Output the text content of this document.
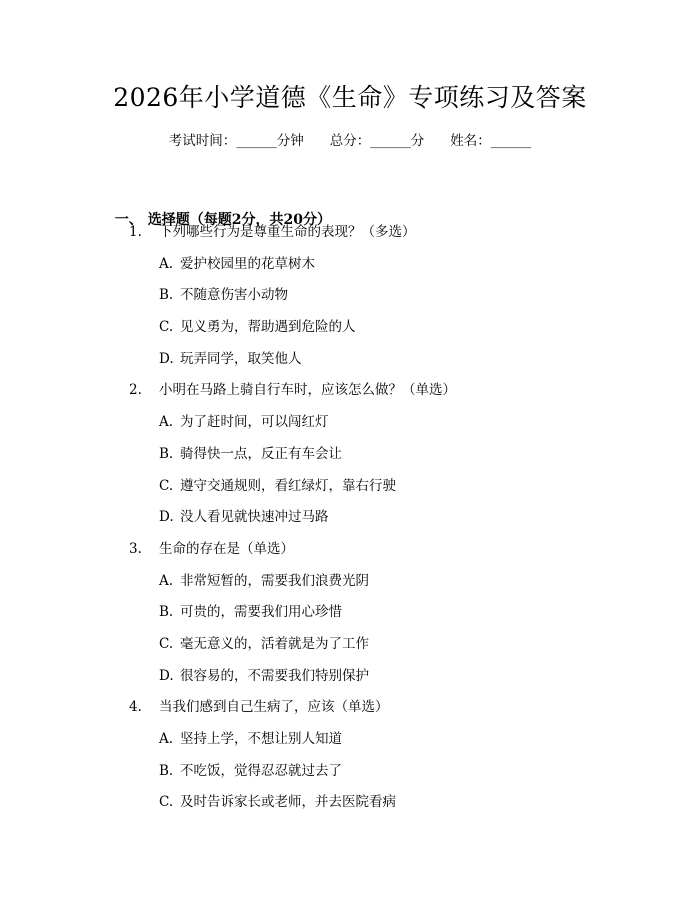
2026年小学道德《生命》专项练习及答案
考试时间：______分钟 总分：______分 姓名：______

一、 选择题（每题2分，共20分）

1. 下列哪些行为是尊重生命的表现？（多选）
A. 爱护校园里的花草树木
B. 不随意伤害小动物
C. 见义勇为，帮助遇到危险的人
D. 玩弄同学，取笑他人
2. 小明在马路上骑自行车时，应该怎么做？（单选）
A. 为了赶时间，可以闯红灯
B. 骑得快一点，反正有车会让
C. 遵守交通规则，看红绿灯，靠右行驶
D. 没人看见就快速冲过马路
3. 生命的存在是（单选）
A. 非常短暂的，需要我们浪费光阴
B. 可贵的，需要我们用心珍惜
C. 毫无意义的，活着就是为了工作
D. 很容易的，不需要我们特别保护
4. 当我们感到自己生病了，应该（单选）
A. 坚持上学，不想让别人知道
B. 不吃饭，觉得忍忍就过去了
C. 及时告诉家长或老师，并去医院看病
